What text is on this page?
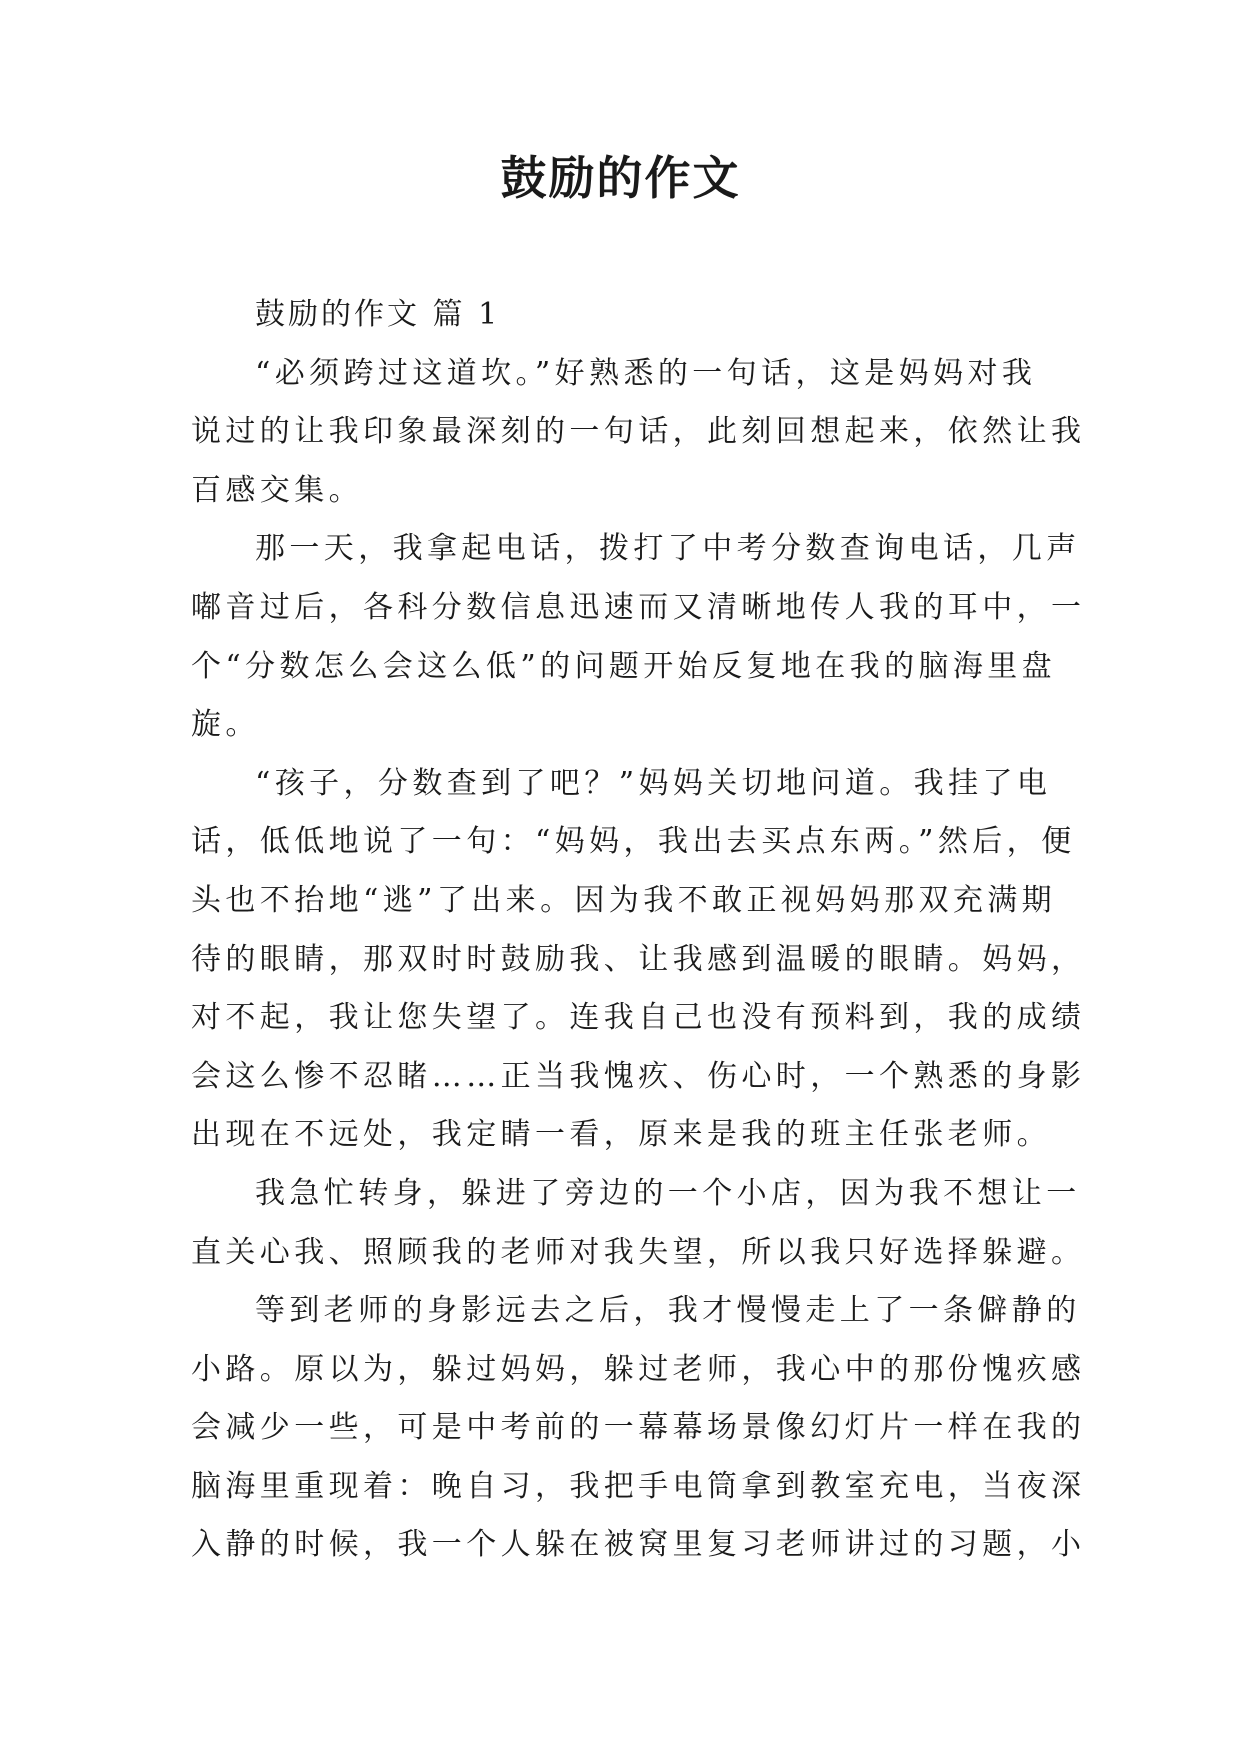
鼓励的作文
鼓励的作文 篇 1
“必须跨过这道坎。”好熟悉的一句话，这是妈妈对我
说过的让我印象最深刻的一句话，此刻回想起来，依然让我
百感交集。
那一天，我拿起电话，拨打了中考分数查询电话，几声
嘟音过后，各科分数信息迅速而又清晰地传人我的耳中，一
个“分数怎么会这么低”的问题开始反复地在我的脑海里盘
旋。
“孩子，分数查到了吧？”妈妈关切地问道。我挂了电
话，低低地说了一句：“妈妈，我出去买点东两。”然后，便
头也不抬地“逃”了出来。因为我不敢正视妈妈那双充满期
待的眼睛，那双时时鼓励我、让我感到温暖的眼睛。妈妈，
对不起，我让您失望了。连我自己也没有预料到，我的成绩
会这么惨不忍睹……正当我愧疚、伤心时，一个熟悉的身影
出现在不远处，我定睛一看，原来是我的班主任张老师。
我急忙转身，躲进了旁边的一个小店，因为我不想让一
直关心我、照顾我的老师对我失望，所以我只好选择躲避。
等到老师的身影远去之后，我才慢慢走上了一条僻静的
小路。原以为，躲过妈妈，躲过老师，我心中的那份愧疚感
会减少一些，可是中考前的一幕幕场景像幻灯片一样在我的
脑海里重现着：晚自习，我把手电筒拿到教室充电，当夜深
入静的时候，我一个人躲在被窝里复习老师讲过的习题，小
